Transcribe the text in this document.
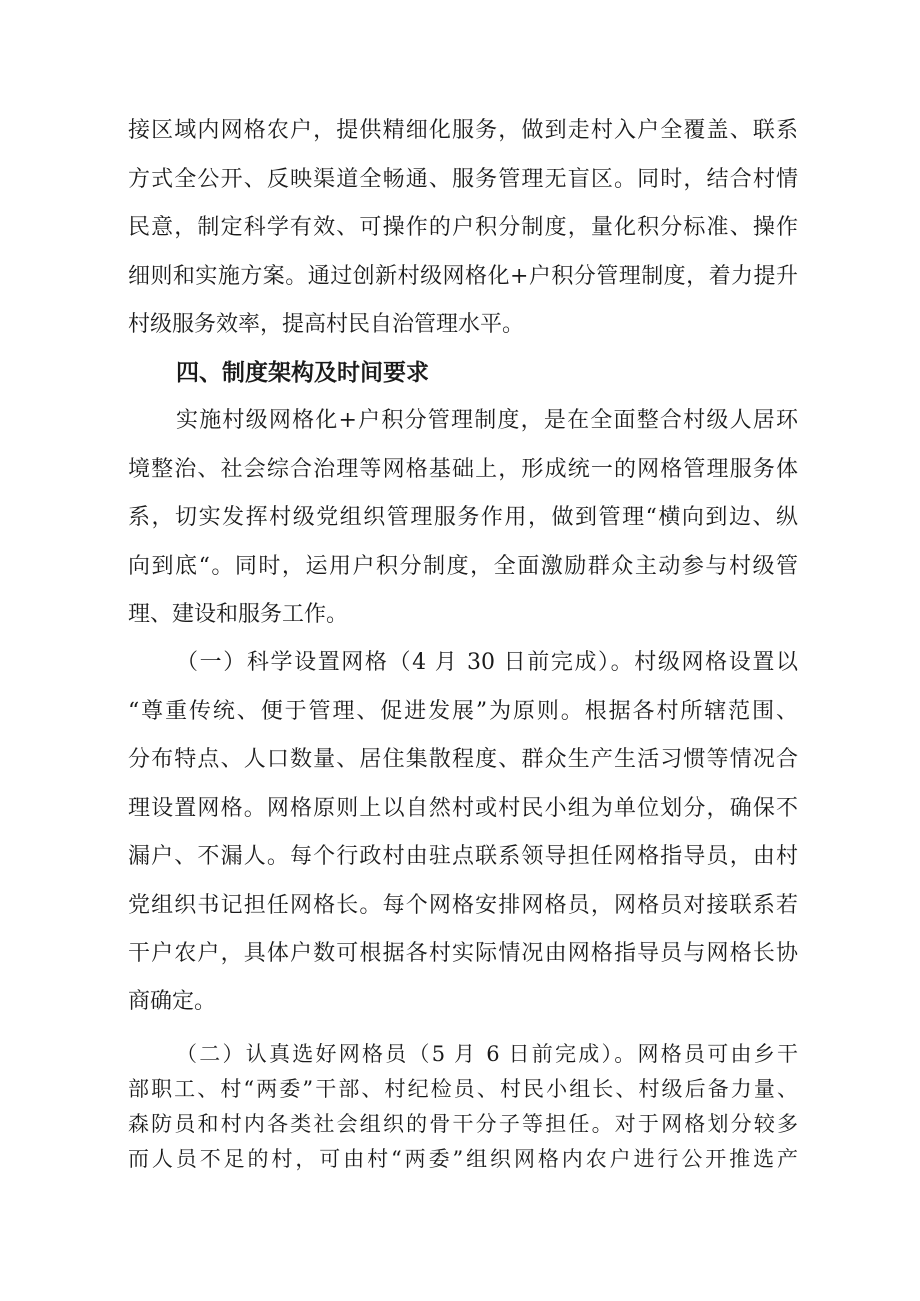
接区域内网格农户，提供精细化服务，做到走村入户全覆盖、联系
方式全公开、反映渠道全畅通、服务管理无盲区。同时，结合村情
民意，制定科学有效、可操作的户积分制度，量化积分标准、操作
细则和实施方案。通过创新村级网格化+户积分管理制度，着力提升
村级服务效率，提高村民自治管理水平。
四、制度架构及时间要求
实施村级网格化+户积分管理制度，是在全面整合村级人居环
境整治、社会综合治理等网格基础上，形成统一的网格管理服务体
系，切实发挥村级党组织管理服务作用，做到管理“横向到边、纵
向到底“。同时，运用户积分制度，全面激励群众主动参与村级管
理、建设和服务工作。
（一）科学设置网格（4 月 30 日前完成）。村级网格设置以
“尊重传统、便于管理、促进发展”为原则。根据各村所辖范围、
分布特点、人口数量、居住集散程度、群众生产生活习惯等情况合
理设置网格。网格原则上以自然村或村民小组为单位划分，确保不
漏户、不漏人。每个行政村由驻点联系领导担任网格指导员，由村
党组织书记担任网格长。每个网格安排网格员，网格员对接联系若
干户农户，具体户数可根据各村实际情况由网格指导员与网格长协
商确定。
（二）认真选好网格员（5 月 6 日前完成）。网格员可由乡干
部职工、村“两委”干部、村纪检员、村民小组长、村级后备力量、
森防员和村内各类社会组织的骨干分子等担任。对于网格划分较多
而人员不足的村，可由村“两委”组织网格内农户进行公开推选产
